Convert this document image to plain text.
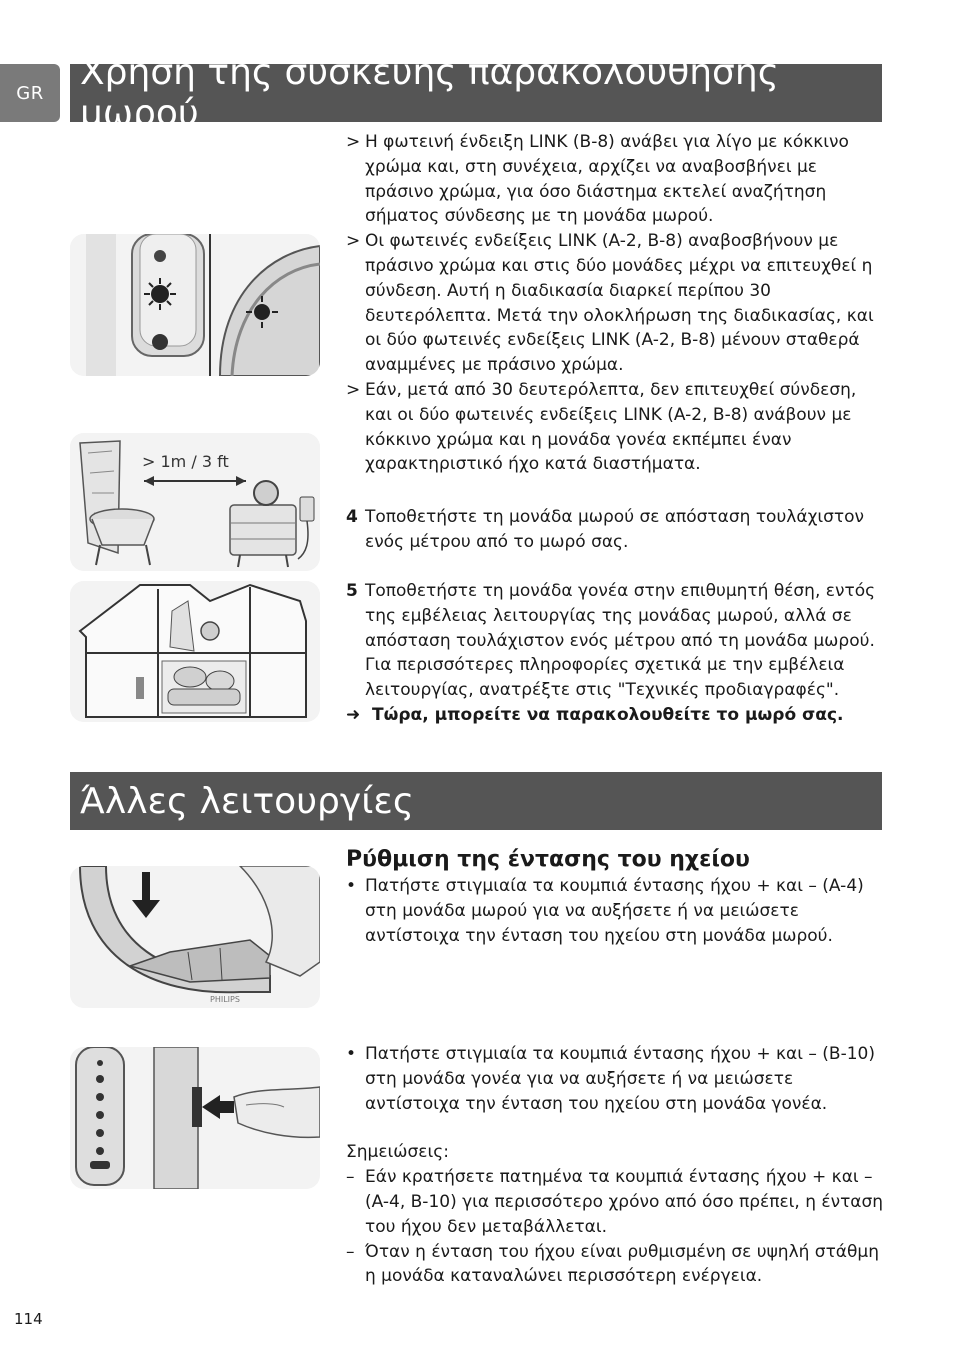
GR	Χρήση της συσκευής παρακολούθησης μωρού
> Η φωτεινή ένδειξη LINK (B-8) ανάβει για λίγο με κόκκινο χρώμα και, στη συνέχεια, αρχίζει να αναβοσβήνει με πράσινο χρώμα, για όσο διάστημα εκτελεί αναζήτηση σήματος σύνδεσης με τη μονάδα μωρού.
> Οι φωτεινές ενδείξεις LINK (A-2, B-8) αναβοσβήνουν με πράσινο χρώμα και στις δύο μονάδες μέχρι να επιτευχθεί η σύνδεση. Αυτή η διαδικασία διαρκεί περίπου 30 δευτερόλεπτα. Μετά την ολοκλήρωση της διαδικασίας, και οι δύο φωτεινές ενδείξεις LINK (A-2, B-8) μένουν σταθερά αναμμένες με πράσινο χρώμα.
> Εάν, μετά από 30 δευτερόλεπτα, δεν επιτευχθεί σύνδεση, και οι δύο φωτεινές ενδείξεις LINK (A-2, B-8) ανάβουν με κόκκινο χρώμα και η μονάδα γονέα εκπέμπει έναν χαρακτηριστικό ήχο κατά διαστήματα.
4 Τοποθετήστε τη μονάδα μωρού σε απόσταση τουλάχιστον ενός μέτρου από το μωρό σας.
5 Τοποθετήστε τη μονάδα γονέα στην επιθυμητή θέση, εντός της εμβέλειας λειτουργίας της μονάδας μωρού, αλλά σε απόσταση τουλάχιστον ενός μέτρου από τη μονάδα μωρού. Για περισσότερες πληροφορίες σχετικά με την εμβέλεια λειτουργίας, ανατρέξτε στις "Τεχνικές προδιαγραφές".
➜ Τώρα, μπορείτε να παρακολουθείτε το μωρό σας.
Άλλες λειτουργίες
Ρύθμιση της έντασης του ηχείου
• Πατήστε στιγμιαία τα κουμπιά έντασης ήχου + και – (A-4) στη μονάδα μωρού για να αυξήσετε ή να μειώσετε αντίστοιχα την ένταση του ηχείου στη μονάδα μωρού.
• Πατήστε στιγμιαία τα κουμπιά έντασης ήχου + και – (B-10) στη μονάδα γονέα για να αυξήσετε ή να μειώσετε αντίστοιχα την ένταση του ηχείου στη μονάδα γονέα.
Σημειώσεις:
– Εάν κρατήσετε πατημένα τα κουμπιά έντασης ήχου + και – (A-4, B-10) για περισσότερο χρόνο από όσο πρέπει, η ένταση του ήχου δεν μεταβάλλεται.
– Όταν η ένταση του ήχου είναι ρυθμισμένη σε υψηλή στάθμη η μονάδα καταναλώνει περισσότερη ενέργεια.
> 1m / 3 ft
PHILIPS
114
